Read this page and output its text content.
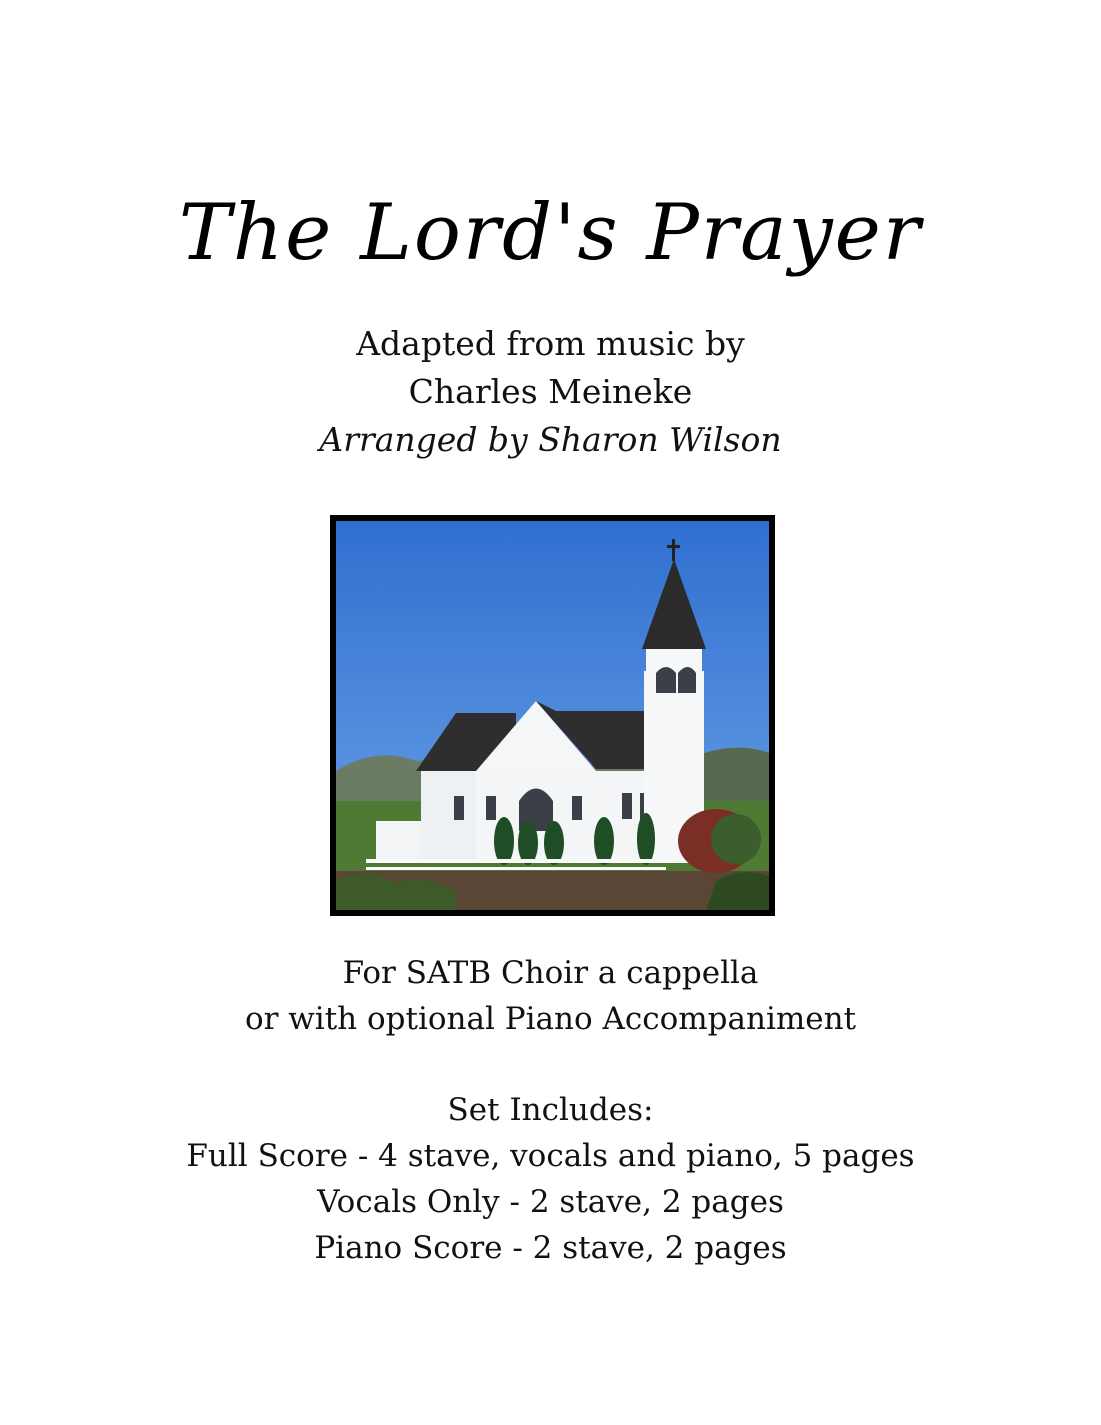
The Lord's Prayer
Adapted from music by
Charles Meineke
Arranged by Sharon Wilson
For SATB Choir a cappella
or with optional Piano Accompaniment
Set Includes:
Full Score - 4 stave, vocals and piano, 5 pages
Vocals Only - 2 stave, 2 pages
Piano Score - 2 stave, 2 pages
